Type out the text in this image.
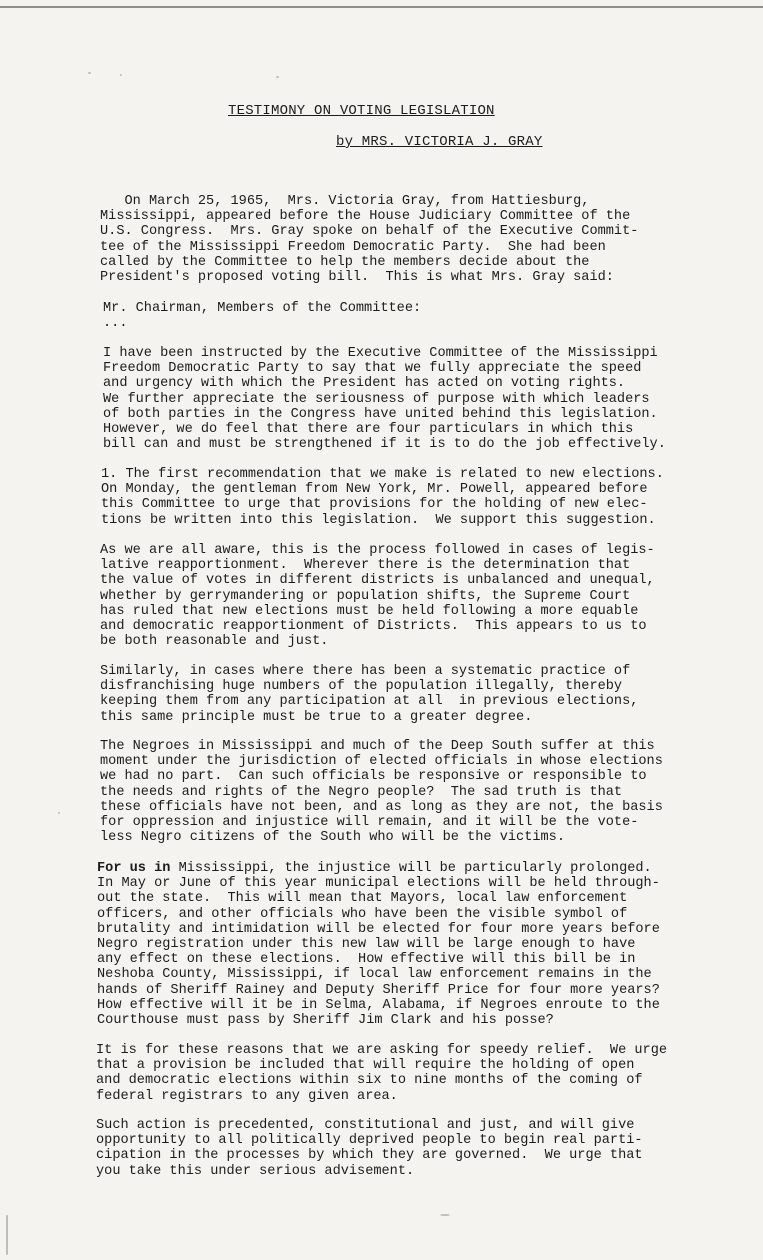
TESTIMONY ON VOTING LEGISLATION
by MRS. VICTORIA J. GRAY
On March 25, 1965,  Mrs. Victoria Gray, from Hattiesburg,
Mississippi, appeared before the House Judiciary Committee of the
U.S. Congress.  Mrs. Gray spoke on behalf of the Executive Commit-
tee of the Mississippi Freedom Democratic Party.  She had been
called by the Committee to help the members decide about the
President's proposed voting bill.  This is what Mrs. Gray said:
Mr. Chairman, Members of the Committee:
...
I have been instructed by the Executive Committee of the Mississippi
Freedom Democratic Party to say that we fully appreciate the speed
and urgency with which the President has acted on voting rights.
We further appreciate the seriousness of purpose with which leaders
of both parties in the Congress have united behind this legislation.
However, we do feel that there are four particulars in which this
bill can and must be strengthened if it is to do the job effectively.
1. The first recommendation that we make is related to new elections.
On Monday, the gentleman from New York, Mr. Powell, appeared before
this Committee to urge that provisions for the holding of new elec-
tions be written into this legislation.  We support this suggestion.
As we are all aware, this is the process followed in cases of legis-
lative reapportionment.  Wherever there is the determination that
the value of votes in different districts is unbalanced and unequal,
whether by gerrymandering or population shifts, the Supreme Court
has ruled that new elections must be held following a more equable
and democratic reapportionment of Districts.  This appears to us to
be both reasonable and just.
Similarly, in cases where there has been a systematic practice of
disfranchising huge numbers of the population illegally, thereby
keeping them from any participation at all  in previous elections,
this same principle must be true to a greater degree.
The Negroes in Mississippi and much of the Deep South suffer at this
moment under the jurisdiction of elected officials in whose elections
we had no part.  Can such officials be responsive or responsible to
the needs and rights of the Negro people?  The sad truth is that
these officials have not been, and as long as they are not, the basis
for oppression and injustice will remain, and it will be the vote-
less Negro citizens of the South who will be the victims.
For us in Mississippi, the injustice will be particularly prolonged.
In May or June of this year municipal elections will be held through-
out the state.  This will mean that Mayors, local law enforcement
officers, and other officials who have been the visible symbol of
brutality and intimidation will be elected for four more years before
Negro registration under this new law will be large enough to have
any effect on these elections.  How effective will this bill be in
Neshoba County, Mississippi, if local law enforcement remains in the
hands of Sheriff Rainey and Deputy Sheriff Price for four more years?
How effective will it be in Selma, Alabama, if Negroes enroute to the
Courthouse must pass by Sheriff Jim Clark and his posse?
It is for these reasons that we are asking for speedy relief.  We urge
that a provision be included that will require the holding of open
and democratic elections within six to nine months of the coming of
federal registrars to any given area.
Such action is precedented, constitutional and just, and will give
opportunity to all politically deprived people to begin real parti-
cipation in the processes by which they are governed.  We urge that
you take this under serious advisement.
